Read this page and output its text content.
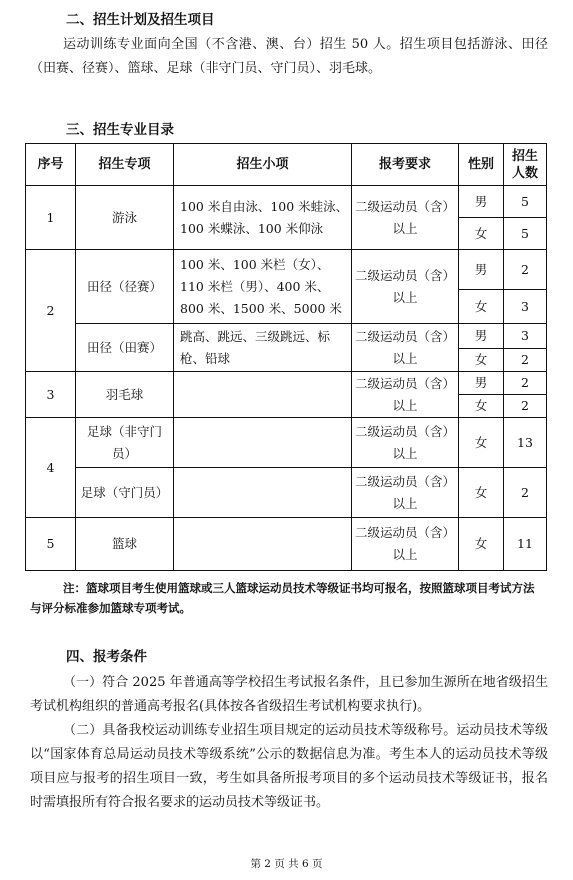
二、招生计划及招生项目
运动训练专业面向全国（不含港、澳、台）招生 50 人。招生项目包括游泳、田径（田赛、径赛）、篮球、足球（非守门员、守门员）、羽毛球。
三、招生专业目录
序号	招生专项	招生小项	报考要求	性别	招生人数
1	游泳	100 米自由泳、100 米蛙泳、100 米蝶泳、100 米仰泳	二级运动员（含）以上	男	5
				女	5
2	田径（径赛）	100 米、100 米栏（女）、110 米栏（男）、400 米、800 米、1500 米、5000 米	二级运动员（含）以上	男	2
				女	3
	田径（田赛）	跳高、跳远、三级跳远、标枪、铅球	二级运动员（含）以上	男	3
				女	2
3	羽毛球		二级运动员（含）以上	男	2
				女	2
4	足球（非守门员）		二级运动员（含）以上	女	13
	足球（守门员）		二级运动员（含）以上	女	2
5	篮球		二级运动员（含）以上	女	11
注：篮球项目考生使用篮球或三人篮球运动员技术等级证书均可报名，按照篮球项目考试方法与评分标准参加篮球专项考试。
四、报考条件
（一）符合 2025 年普通高等学校招生考试报名条件，且已参加生源所在地省级招生考试机构组织的普通高考报名(具体按各省级招生考试机构要求执行)。
（二）具备我校运动训练专业招生项目规定的运动员技术等级称号。运动员技术等级以“国家体育总局运动员技术等级系统”公示的数据信息为准。考生本人的运动员技术等级项目应与报考的招生项目一致，考生如具备所报考项目的多个运动员技术等级证书，报名时需填报所有符合报名要求的运动员技术等级证书。
第 2 页 共 6 页
